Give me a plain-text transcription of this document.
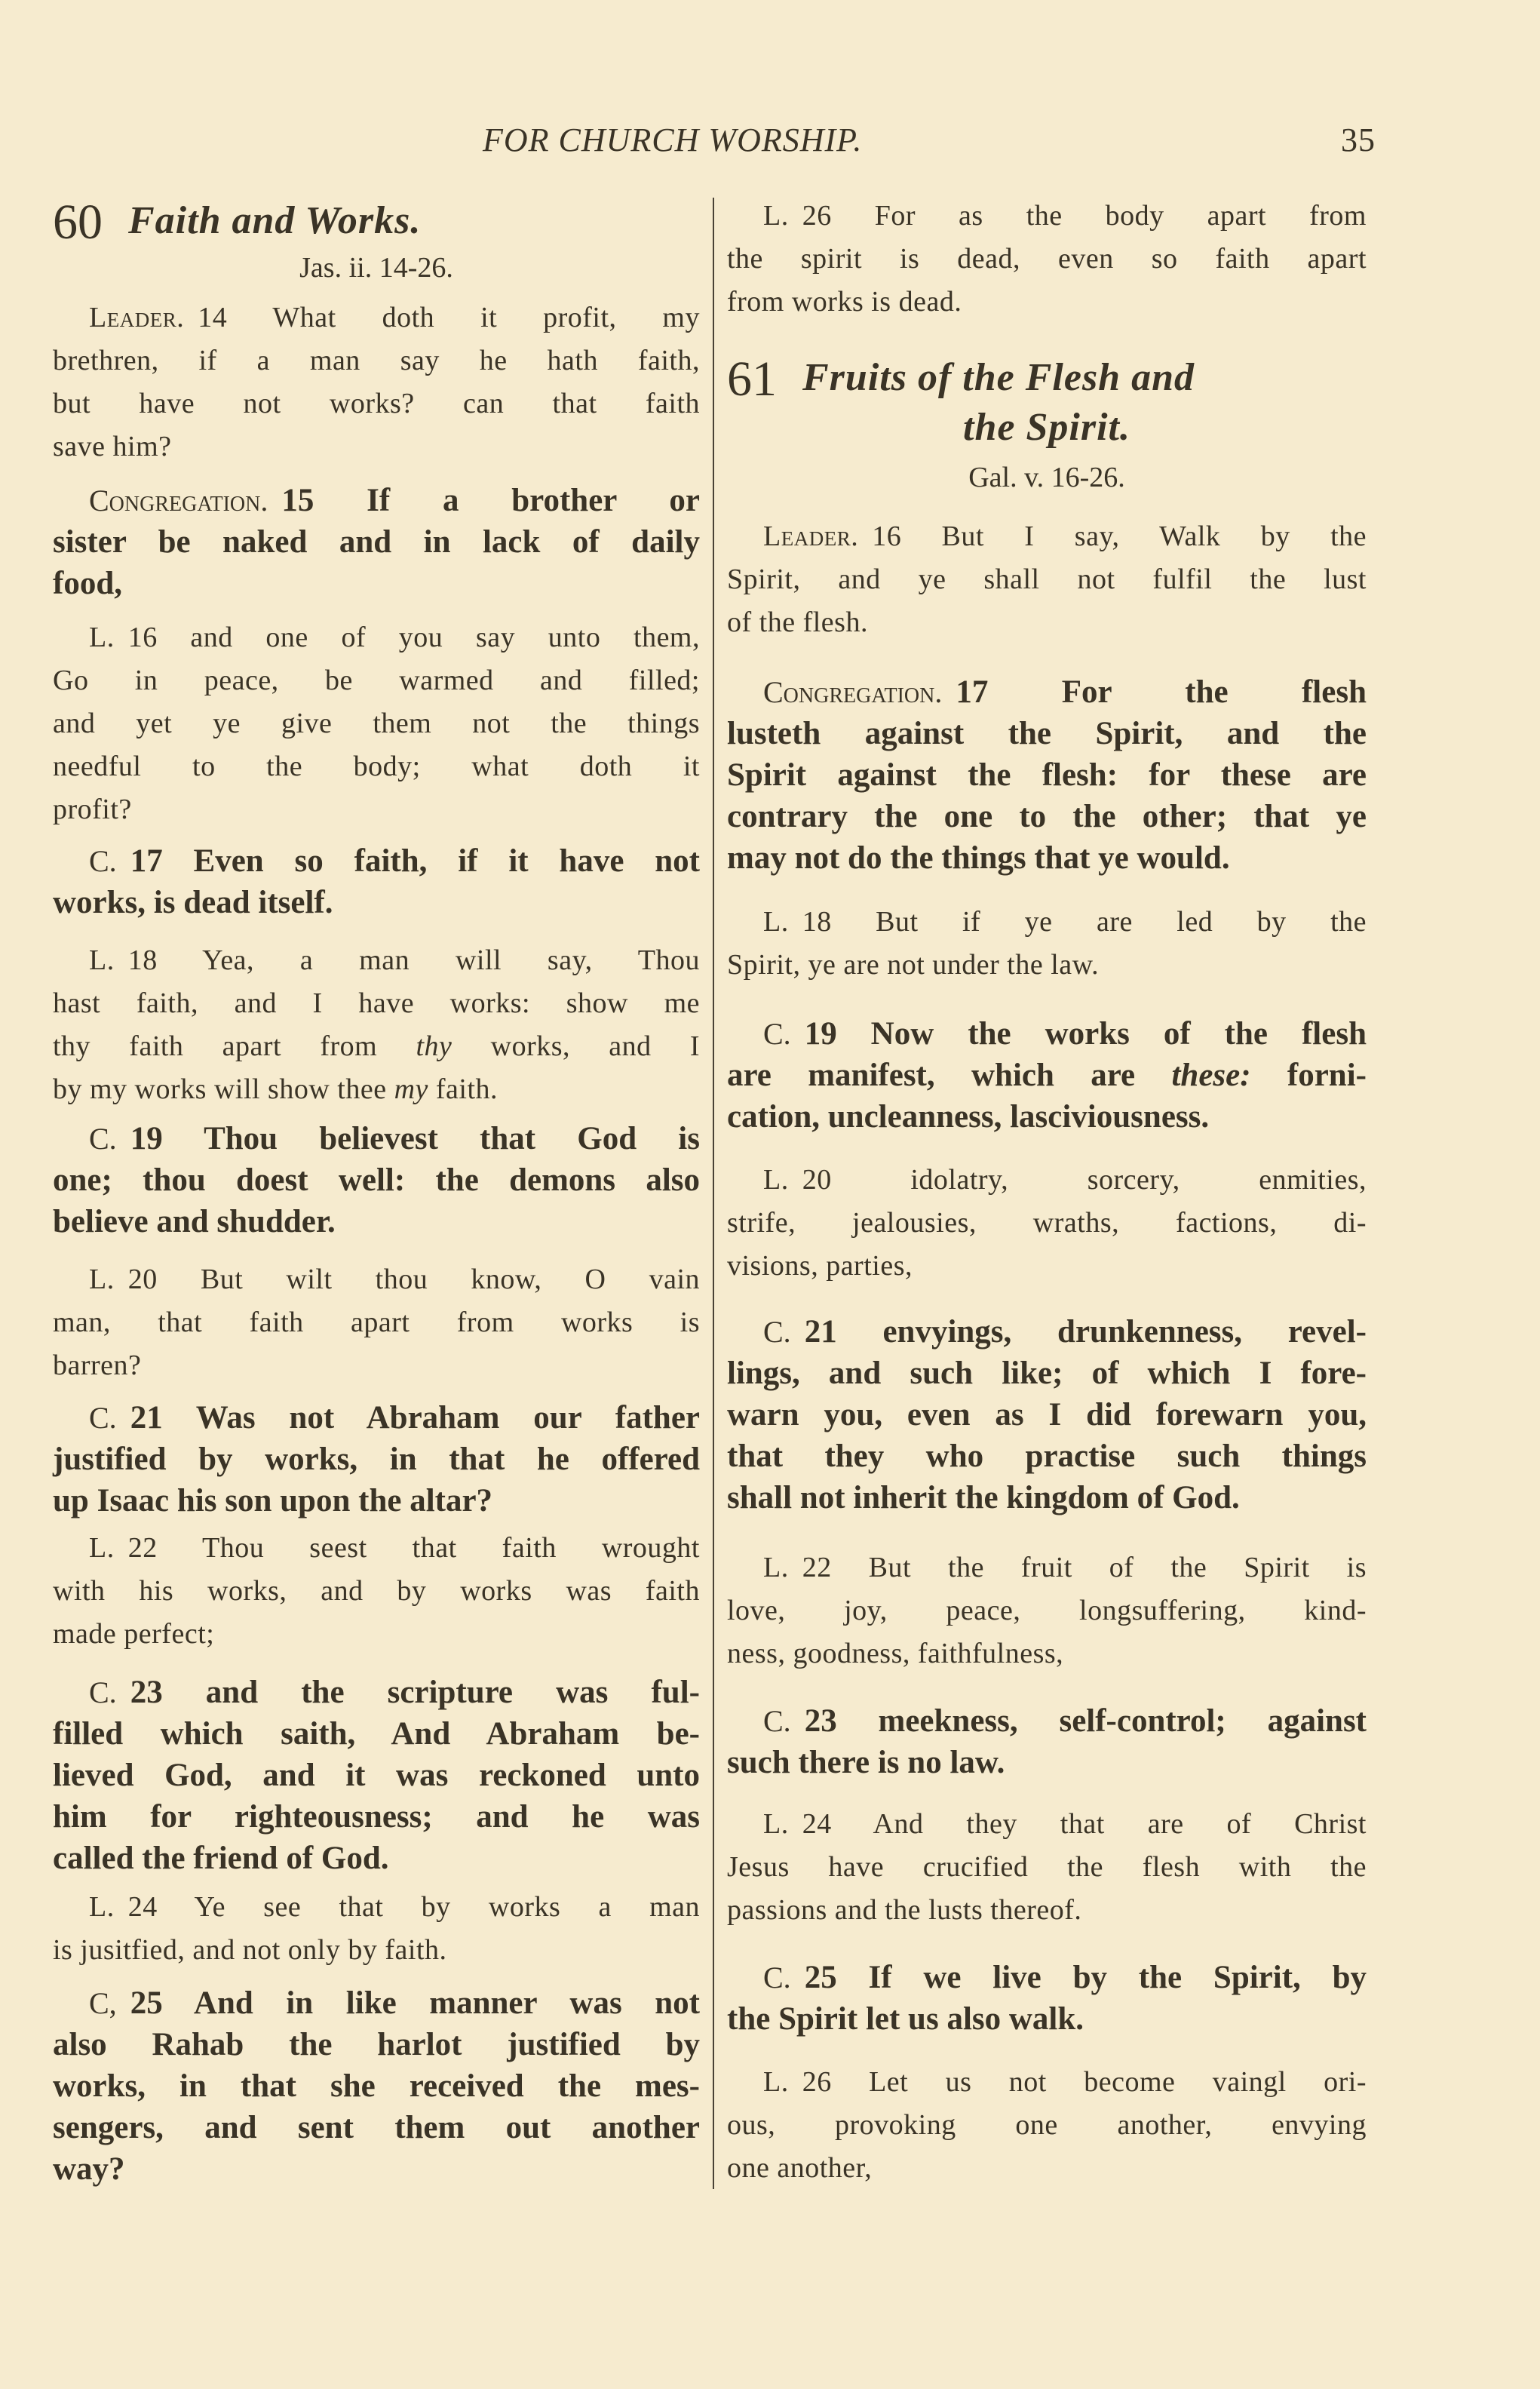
FOR CHURCH WORSHIP.	35
60 Faith and Works.
Jas. ii. 14-26.
Leader. 14 What doth it profit, my
brethren, if a man say he hath faith,
but have not works? can that faith
save him?
Congregation. 15 If a brother or
sister be naked and in lack of daily
food,
L. 16 and one of you say unto them,
Go in peace, be warmed and filled;
and yet ye give them not the things
needful to the body; what doth it
profit?
C. 17 Even so faith, if it have not
works, is dead itself.
L. 18 Yea, a man will say, Thou
hast faith, and I have works: show me
thy faith apart from thy works, and I
by my works will show thee my faith.
C. 19 Thou believest that God is
one; thou doest well: the demons also
believe and shudder.
L. 20 But wilt thou know, O vain
man, that faith apart from works is
barren?
C. 21 Was not Abraham our father
justified by works, in that he offered
up Isaac his son upon the altar?
L. 22 Thou seest that faith wrought
with his works, and by works was faith
made perfect;
C. 23 and the scripture was ful-
filled which saith, And Abraham be-
lieved God, and it was reckoned unto
him for righteousness; and he was
called the friend of God.
L. 24 Ye see that by works a man
is jusitfied, and not only by faith.
C, 25 And in like manner was not
also Rahab the harlot justified by
works, in that she received the mes-
sengers, and sent them out another
way?
L. 26 For as the body apart from
the spirit is dead, even so faith apart
from works is dead.
61 Fruits of the Flesh and
the Spirit.
Gal. v. 16-26.
Leader. 16 But I say, Walk by the
Spirit, and ye shall not fulfil the lust
of the flesh.
Congregation. 17 For the flesh
lusteth against the Spirit, and the
Spirit against the flesh: for these are
contrary the one to the other; that ye
may not do the things that ye would.
L. 18 But if ye are led by the
Spirit, ye are not under the law.
C. 19 Now the works of the flesh
are manifest, which are these: forni-
cation, uncleanness, lasciviousness.
L. 20 idolatry, sorcery, enmities,
strife, jealousies, wraths, factions, di-
visions, parties,
C. 21 envyings, drunkenness, revel-
lings, and such like; of which I fore-
warn you, even as I did forewarn you,
that they who practise such things
shall not inherit the kingdom of God.
L. 22 But the fruit of the Spirit is
love, joy, peace, longsuffering, kind-
ness, goodness, faithfulness,
C. 23 meekness, self-control; against
such there is no law.
L. 24 And they that are of Christ
Jesus have crucified the flesh with the
passions and the lusts thereof.
C. 25 If we live by the Spirit, by
the Spirit let us also walk.
L. 26 Let us not become vaingl ori-
ous, provoking one another, envying
one another,
